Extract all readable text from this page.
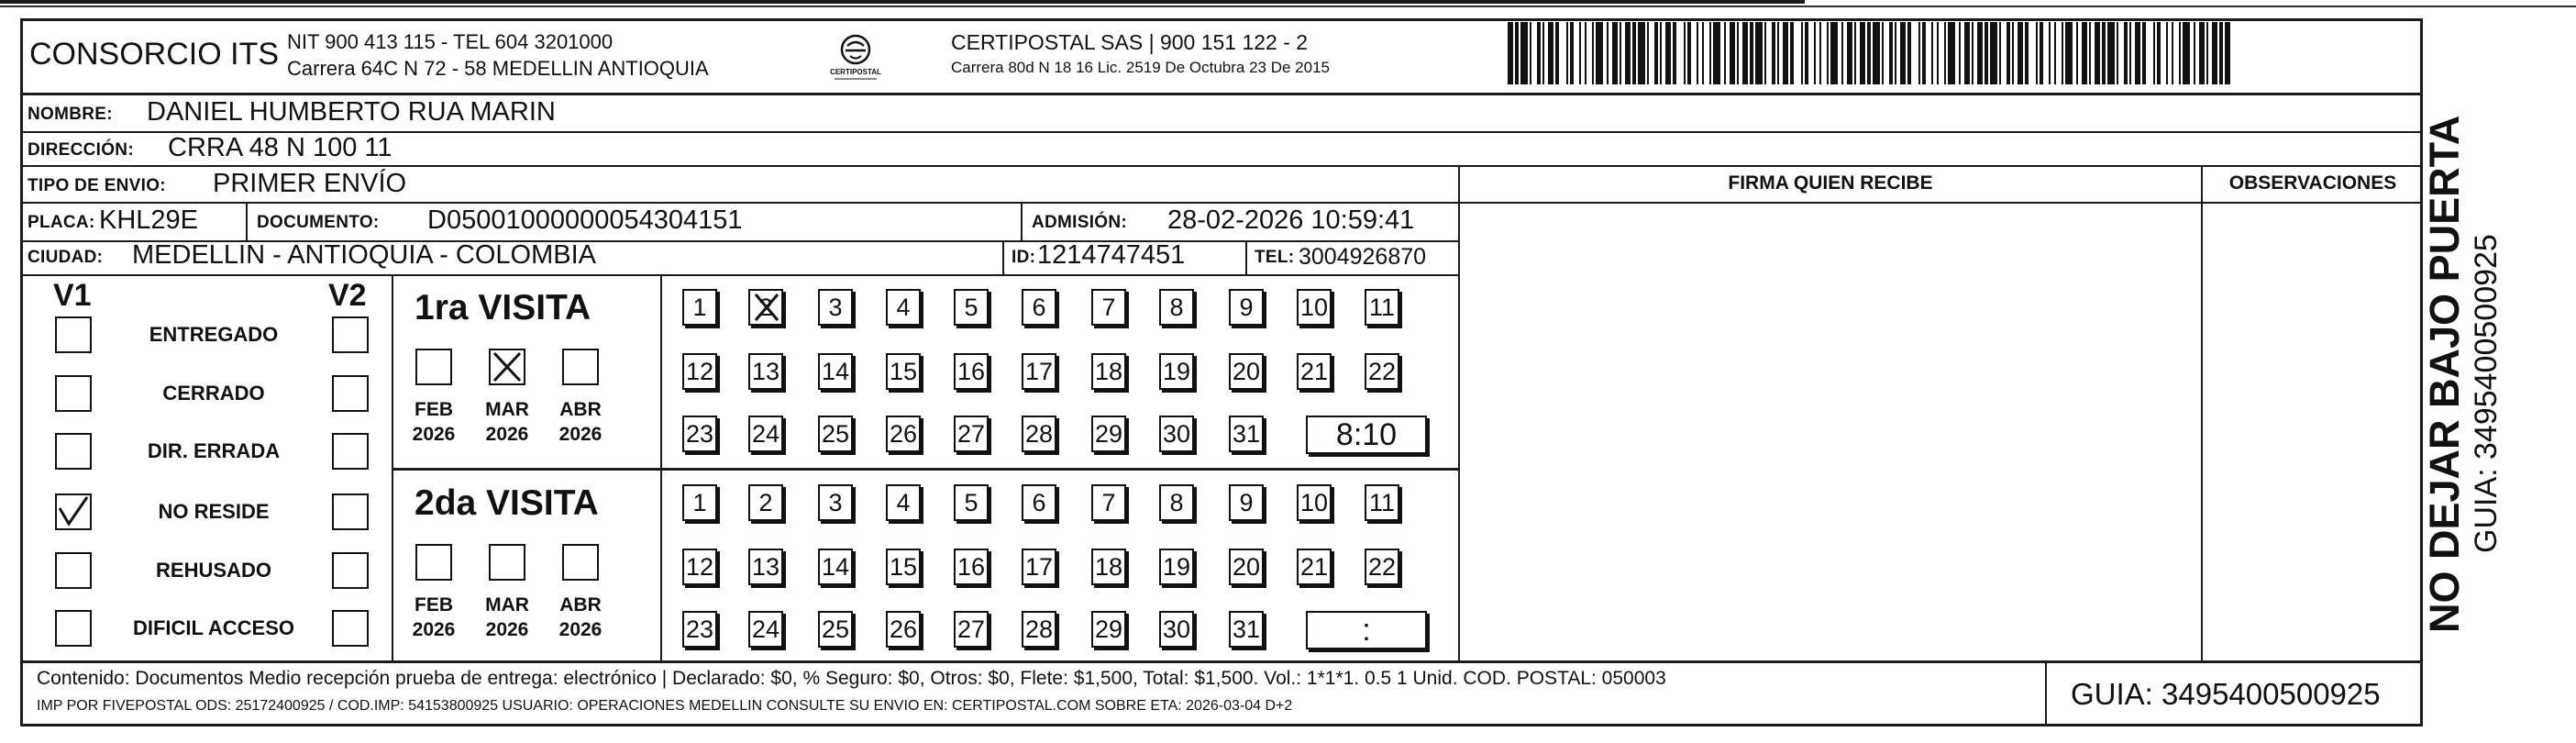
CONSORCIO ITS NIT 900 413 115 - TEL 604 3201000
Carrera 64C N 72 - 58 MEDELLIN ANTIOQUIA	CERTIPOSTAL
CERTIPOSTAL SAS | 900 151 122 - 2
Carrera 80d N 18 16 Lic. 2519 De Octubra 23 De 2015
NOMBRE: DANIEL HUMBERTO RUA MARIN
DIRECCIÓN: CRRA 48 N 100 11
TIPO DE ENVIO: PRIMER ENVÍO	FIRMA QUIEN RECIBE	OBSERVACIONES
PLACA: KHL29E	DOCUMENTO: D05001000000054304151	ADMISIÓN: 28-02-2026 10:59:41
CIUDAD: MEDELLIN - ANTIOQUIA - COLOMBIA	ID: 1214747451	TEL: 3004926870
V1	V2
ENTREGADO
CERRADO
DIR. ERRADA
NO RESIDE
REHUSADO
DIFICIL ACCESO
1ra VISITA
FEB
2026
MAR
2026
ABR
2026
1	2	3	4	5	6	7	8	9	10 11
12 13 14 15 16 17 18 19 20 21 22
23 24 25 26 27 28 29 30 31	8:10
2da VISITA
FEB
2026
MAR
2026
ABR
2026
1	2	3	4	5	6	7	8	9	10 11
12 13 14 15 16 17 18 19 20 21 22
23 24 25 26 27 28 29 30 31	:
Contenido: Documentos Medio recepción prueba de entrega: electrónico | Declarado: $0, % Seguro: $0, Otros: $0, Flete: $1,500, Total: $1,500. Vol.: 1*1*1. 0.5 1 Unid. COD. POSTAL: 050003
IMP POR FIVEPOSTAL ODS: 25172400925 / COD.IMP: 54153800925 USUARIO: OPERACIONES MEDELLIN CONSULTE SU ENVIO EN: CERTIPOSTAL.COM SOBRE ETA: 2026-03-04 D+2	GUIA: 3495400500925
NO DEJAR BAJO PUERTA GUIA: 3495400500925
